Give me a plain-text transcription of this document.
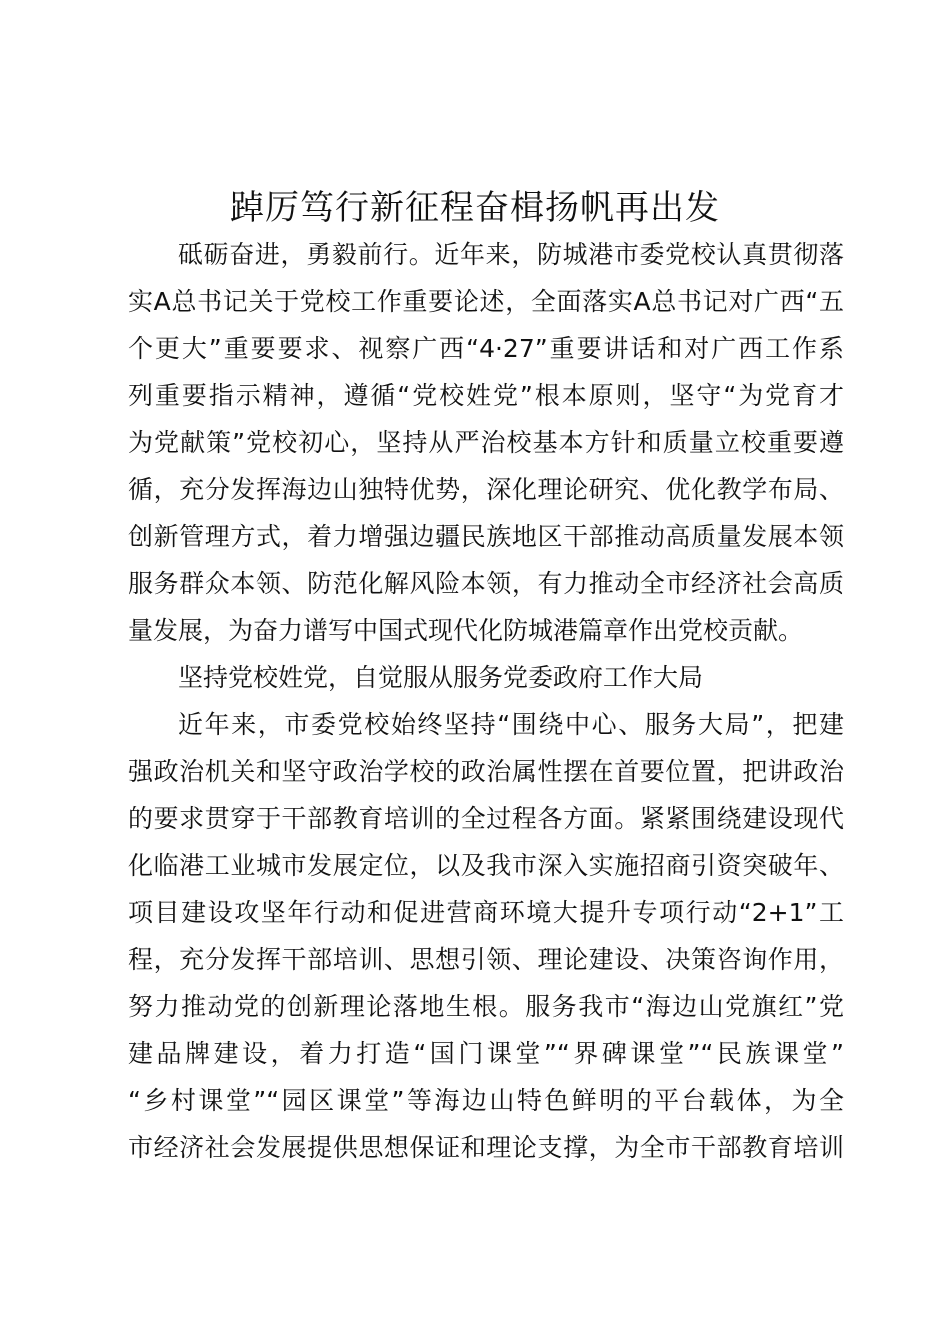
踔厉笃行新征程奋楫扬帆再出发
砥砺奋进，勇毅前行。近年来，防城港市委党校认真贯彻落
实A总书记关于党校工作重要论述，全面落实A总书记对广西“五
个更大”重要要求、视察广西“4·27”重要讲话和对广西工作系
列重要指示精神，遵循“党校姓党”根本原则，坚守“为党育才
为党献策”党校初心，坚持从严治校基本方针和质量立校重要遵
循，充分发挥海边山独特优势，深化理论研究、优化教学布局、
创新管理方式，着力增强边疆民族地区干部推动高质量发展本领
服务群众本领、防范化解风险本领，有力推动全市经济社会高质
量发展，为奋力谱写中国式现代化防城港篇章作出党校贡献。
坚持党校姓党，自觉服从服务党委政府工作大局
近年来，市委党校始终坚持“围绕中心、服务大局”，把建
强政治机关和坚守政治学校的政治属性摆在首要位置，把讲政治
的要求贯穿于干部教育培训的全过程各方面。紧紧围绕建设现代
化临港工业城市发展定位，以及我市深入实施招商引资突破年、
项目建设攻坚年行动和促进营商环境大提升专项行动“2+1”工
程，充分发挥干部培训、思想引领、理论建设、决策咨询作用，
努力推动党的创新理论落地生根。服务我市“海边山党旗红”党
建品牌建设，着力打造“国门课堂”“界碑课堂”“民族课堂”
“乡村课堂”“园区课堂”等海边山特色鲜明的平台载体，为全
市经济社会发展提供思想保证和理论支撑，为全市干部教育培训
